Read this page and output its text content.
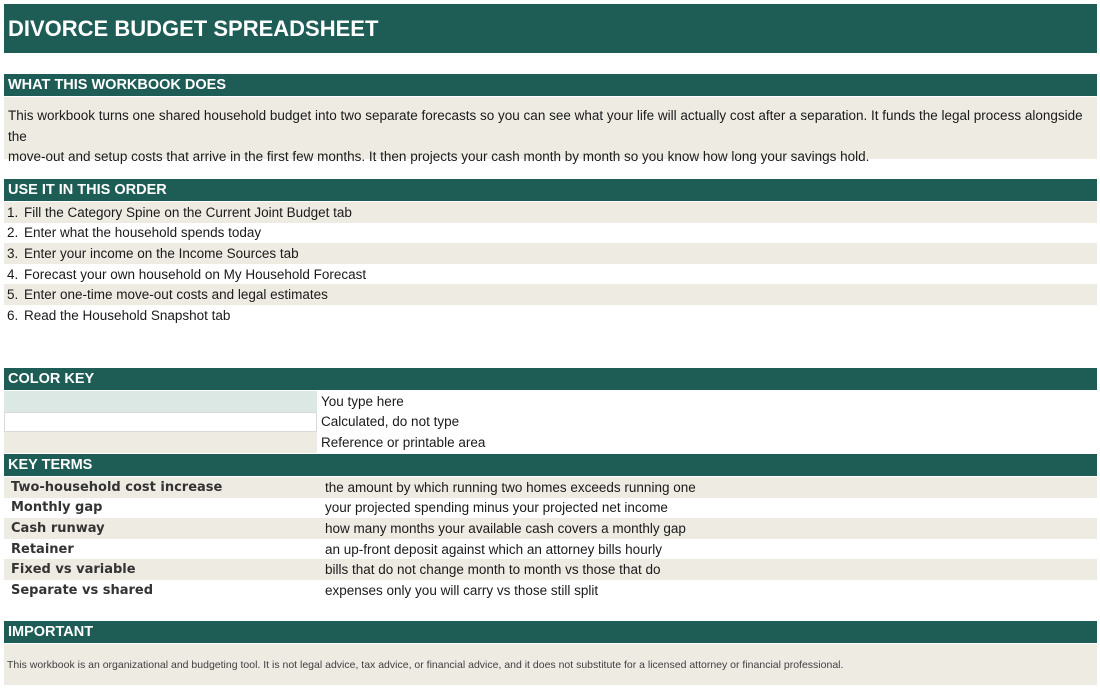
DIVORCE BUDGET SPREADSHEET
WHAT THIS WORKBOOK DOES
This workbook turns one shared household budget into two separate forecasts so you can see what your life will actually cost after a separation. It funds the legal process alongside the
move-out and setup costs that arrive in the first few months. It then projects your cash month by month so you know how long your savings hold.
USE IT IN THIS ORDER
1. Fill the Category Spine on the Current Joint Budget tab
2. Enter what the household spends today
3. Enter your income on the Income Sources tab
4. Forecast your own household on My Household Forecast
5. Enter one-time move-out costs and legal estimates
6. Read the Household Snapshot tab
COLOR KEY
You type here
Calculated, do not type
Reference or printable area
KEY TERMS
Two-household cost increase	the amount by which running two homes exceeds running one
Monthly gap	your projected spending minus your projected net income
Cash runway	how many months your available cash covers a monthly gap
Retainer	an up-front deposit against which an attorney bills hourly
Fixed vs variable	bills that do not change month to month vs those that do
Separate vs shared	expenses only you will carry vs those still split
IMPORTANT
This workbook is an organizational and budgeting tool. It is not legal advice, tax advice, or financial advice, and it does not substitute for a licensed attorney or financial professional.
